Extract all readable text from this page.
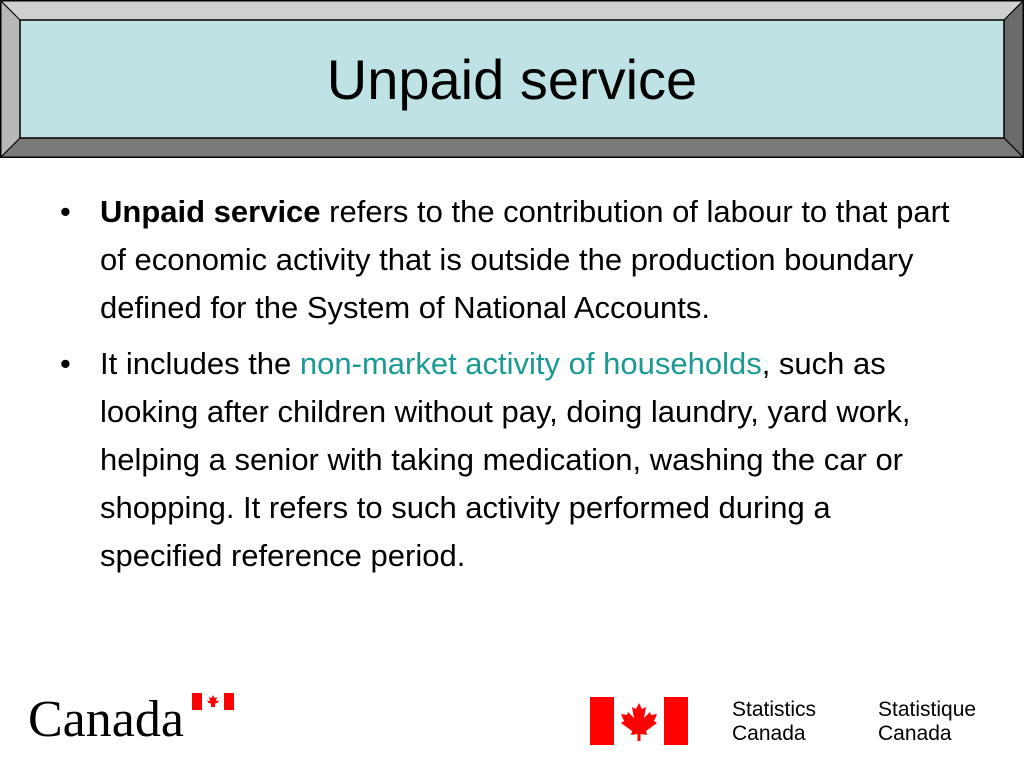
Unpaid service
• Unpaid service refers to the contribution of labour to that part of economic activity that is outside the production boundary defined for the System of National Accounts.
• It includes the non-market activity of households, such as looking after children without pay, doing laundry, yard work, helping a senior with taking medication, washing the car or shopping. It refers to such activity performed during a specified reference period.
Canada	Statistics
Canada
Statistique
Canada
